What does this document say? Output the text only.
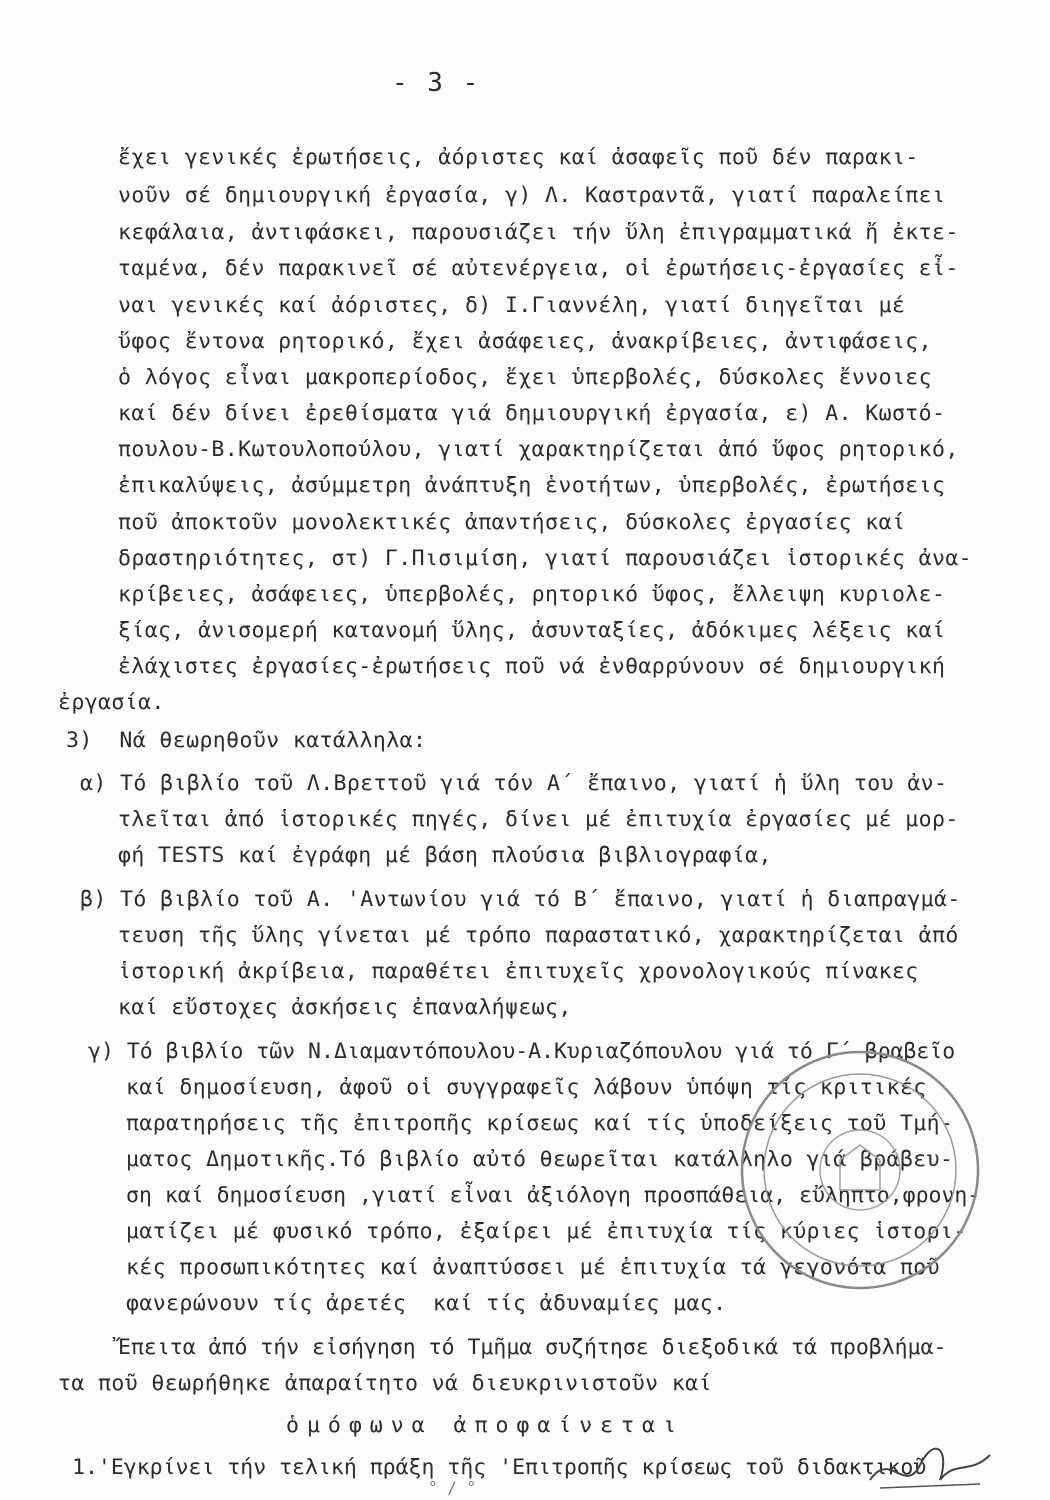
- 3 -
ἔχει γενικές ἐρωτήσεις, ἀόριστες καί ἀσαφεῖς ποῦ δέν παρακι-
νοῦν σέ δημιουργική ἐργασία, γ) Λ. Καστραντᾶ, γιατί παραλείπει
κεφάλαια, ἀντιφάσκει, παρουσιάζει τήν ὕλη ἐπιγραμματικά ἤ ἐκτε-
ταμένα, δέν παρακινεῖ σέ αὐτενέργεια, οἱ ἐρωτήσεις-ἐργασίες εἶ-
ναι γενικές καί ἀόριστες, δ) Ι.Γιαννέλη, γιατί διηγεῖται μέ
ὕφος ἔντονα ρητορικό, ἔχει ἀσάφειες, ἀνακρίβειες, ἀντιφάσεις,
ὁ λόγος εἶναι μακροπερίοδος, ἔχει ὑπερβολές, δύσκολες ἔννοιες
καί δέν δίνει ἐρεθίσματα γιά δημιουργική ἐργασία, ε) Α. Κωστό-
πουλου-Β.Κωτουλοπούλου, γιατί χαρακτηρίζεται ἀπό ὕφος ρητορικό,
ἐπικαλύψεις, ἀσύμμετρη ἀνάπτυξη ἑνοτήτων, ὑπερβολές, ἐρωτήσεις
ποῦ ἀποκτοῦν μονολεκτικές ἀπαντήσεις, δύσκολες ἐργασίες καί
δραστηριότητες, στ) Γ.Πισιμίση, γιατί παρουσιάζει ἱστορικές ἀνα-
κρίβειες, ἀσάφειες, ὑπερβολές, ρητορικό ὕφος, ἔλλειψη κυριολε-
ξίας, ἀνισομερή κατανομή ὕλης, ἀσυνταξίες, ἀδόκιμες λέξεις καί
ἐλάχιστες ἐργασίες-ἐρωτήσεις ποῦ νά ἐνθαρρύνουν σέ δημιουργική
ἐργασία.
3)  Νά θεωρηθοῦν κατάλληλα:
α) Τό βιβλίο τοῦ Λ.Βρεττοῦ γιά τόν Α΄ ἔπαινο, γιατί ἡ ὕλη του ἀν-
τλεῖται ἀπό ἱστορικές πηγές, δίνει μέ ἐπιτυχία ἐργασίες μέ μορ-
φή TESTS καί ἐγράφη μέ βάση πλούσια βιβλιογραφία,
β) Τό βιβλίο τοῦ Α. 'Αντωνίου γιά τό Β΄ ἔπαινο, γιατί ἡ διαπραγμά-
τευση τῆς ὕλης γίνεται μέ τρόπο παραστατικό, χαρακτηρίζεται ἀπό
ἱστορική ἀκρίβεια, παραθέτει ἐπιτυχεῖς χρονολογικούς πίνακες
καί εὔστοχες ἀσκήσεις ἐπαναλήψεως,
γ) Τό βιβλίο τῶν Ν.Διαμαντόπουλου-Α.Κυριαζόπουλου γιά τό Γ΄ βραβεῖο
καί δημοσίευση, ἀφοῦ οἱ συγγραφεῖς λάβουν ὑπόψη τίς κριτικές
παρατηρήσεις τῆς ἐπιτροπῆς κρίσεως καί τίς ὑποδείξεις τοῦ Τμή-
ματος Δημοτικῆς.Τό βιβλίο αὐτό θεωρεῖται κατάλληλο γιά βράβευ-
ση καί δημοσίευση ,γιατί εἶναι ἀξιόλογη προσπάθεια, εὔληπτο,φρονη-
ματίζει μέ φυσικό τρόπο, ἐξαίρει μέ ἐπιτυχία τίς κύριες ἱστορι-
κές προσωπικότητες καί ἀναπτύσσει μέ ἐπιτυχία τά γεγονότα ποῦ
φανερώνουν τίς ἀρετές  καί τίς ἀδυναμίες μας.
Ἔπειτα ἀπό τήν εἰσήγηση τό Τμῆμα συζήτησε διεξοδικά τά προβλήμα-
τα ποῦ θεωρήθηκε ἀπαραίτητο νά διευκρινιστοῦν καί
ὁμόφωνα ἀποφαίνεται
1.'Εγκρίνει τήν τελική πράξη τῆς 'Επιτροπῆς κρίσεως τοῦ διδακτικοῦ
° / °
